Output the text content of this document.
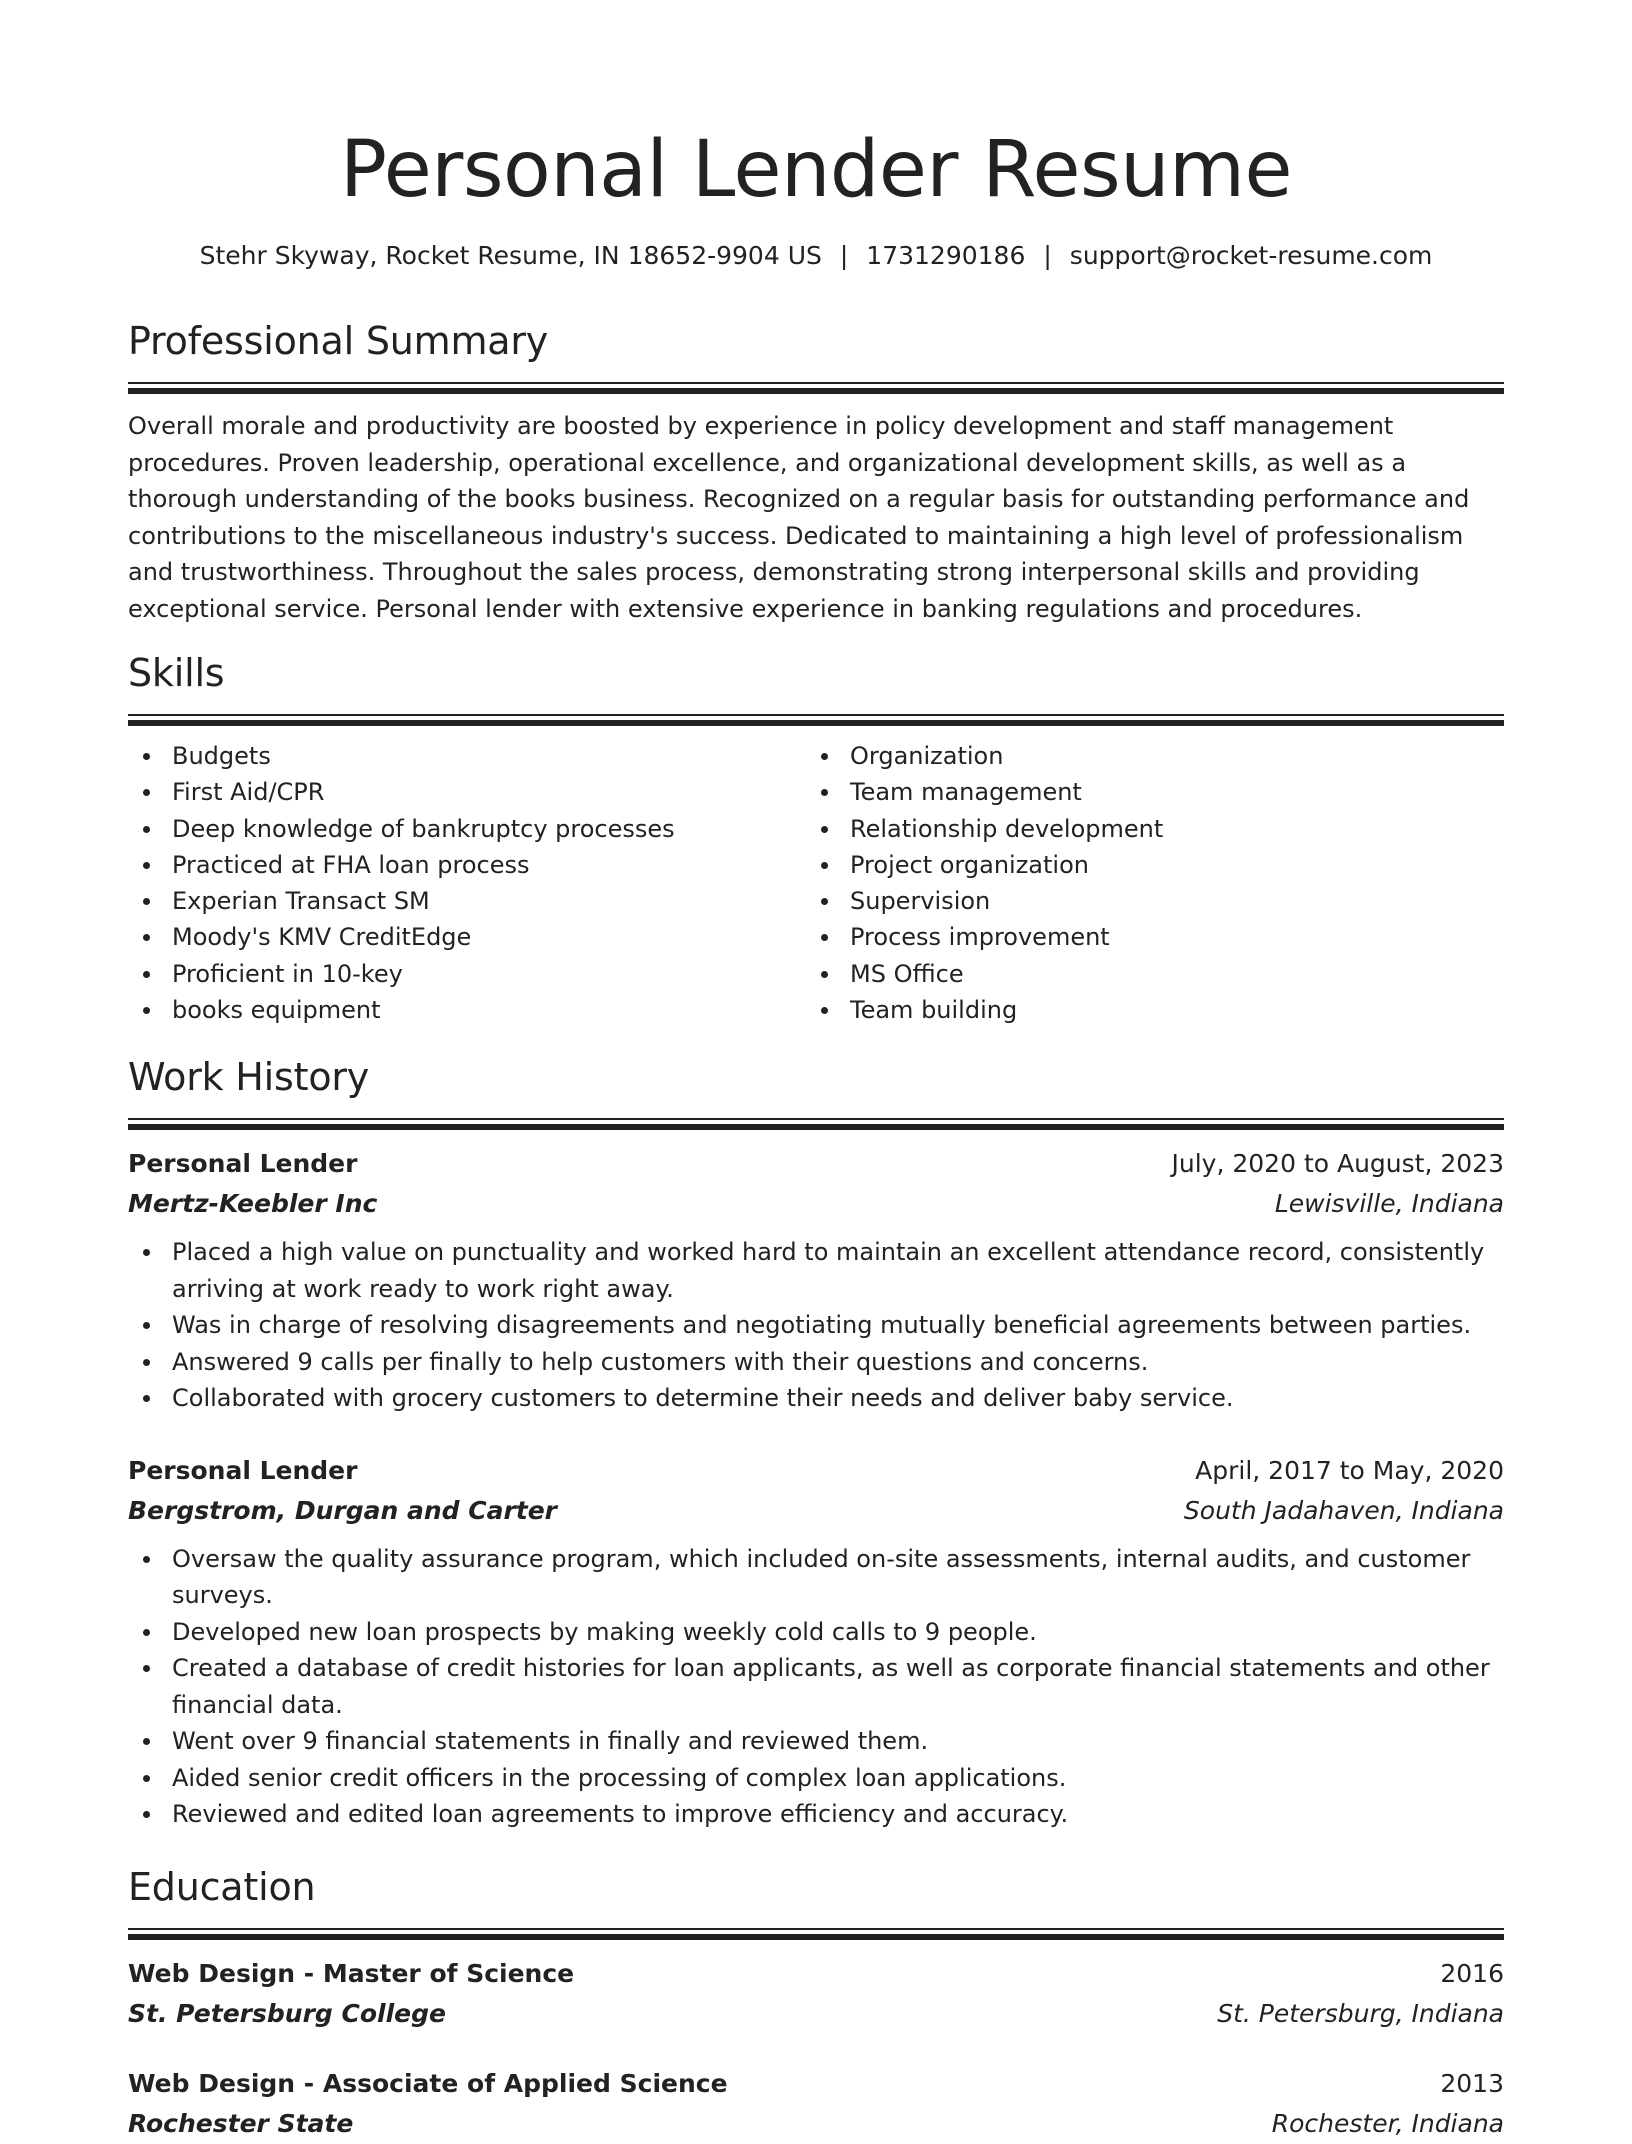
Personal Lender Resume
Stehr Skyway, Rocket Resume, IN 18652-9904 US | 1731290186 | support@rocket-resume.com
Professional Summary

Overall morale and productivity are boosted by experience in policy development and staff management procedures. Proven leadership, operational excellence, and organizational development skills, as well as a thorough understanding of the books business. Recognized on a regular basis for outstanding performance and contributions to the miscellaneous industry's success. Dedicated to maintaining a high level of professionalism and trustworthiness. Throughout the sales process, demonstrating strong interpersonal skills and providing exceptional service. Personal lender with extensive experience in banking regulations and procedures.

Skills
Budgets
First Aid/CPR
Deep knowledge of bankruptcy processes
Practiced at FHA loan process
Experian Transact SM
Moody's KMV CreditEdge
Proficient in 10-key
books equipment
Organization
Team management
Relationship development
Project organization
Supervision
Process improvement
MS Office
Team building
Work History
Personal Lender	July, 2020 to August, 2023
Mertz-Keebler Inc	Lewisville, Indiana
Placed a high value on punctuality and worked hard to maintain an excellent attendance record, consistently arriving at work ready to work right away.
Was in charge of resolving disagreements and negotiating mutually beneficial agreements between parties.
Answered 9 calls per finally to help customers with their questions and concerns.
Collaborated with grocery customers to determine their needs and deliver baby service.
Personal Lender	April, 2017 to May, 2020
Bergstrom, Durgan and Carter	South Jadahaven, Indiana
Oversaw the quality assurance program, which included on-site assessments, internal audits, and customer surveys.
Developed new loan prospects by making weekly cold calls to 9 people.
Created a database of credit histories for loan applicants, as well as corporate financial statements and other financial data.
Went over 9 financial statements in finally and reviewed them.
Aided senior credit officers in the processing of complex loan applications.
Reviewed and edited loan agreements to improve efficiency and accuracy.
Education
Web Design - Master of Science	2016
St. Petersburg College	St. Petersburg, Indiana
Web Design - Associate of Applied Science	2013
Rochester State	Rochester, Indiana
